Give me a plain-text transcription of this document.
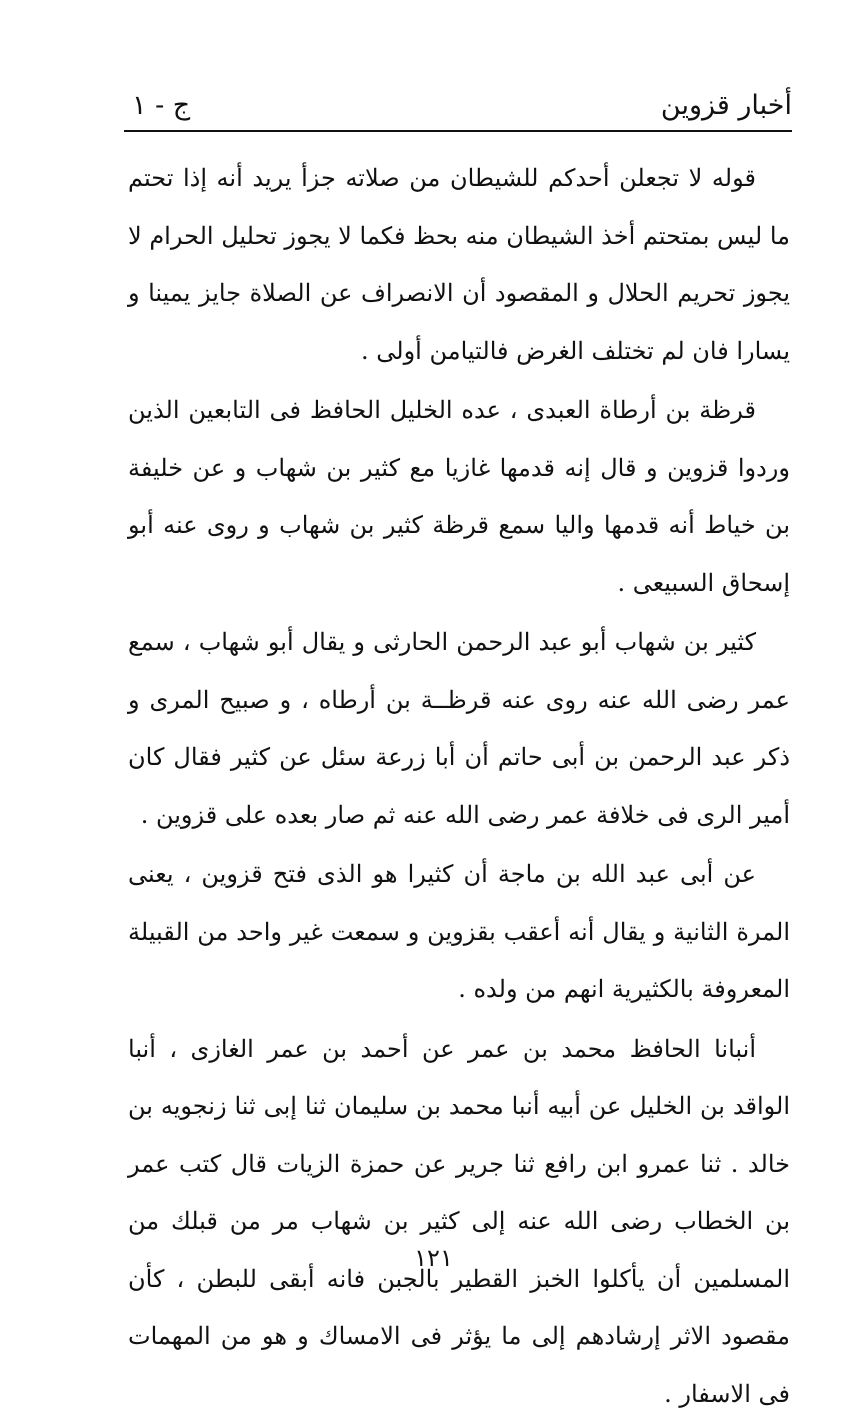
أخبار قزوين
ج - ١

قوله لا تجعلن أحدكم للشيطان من صلاته جزأ يريد أنه إذا تحتم ما ليس بمتحتم أخذ الشيطان منه بحظ فكما لا يجوز تحليل الحرام لا يجوز تحريم الحلال و المقصود أن الانصراف عن الصلاة جايز يمينا و يسارا فان لم تختلف الغرض فالتيامن أولى .

قرظة بن أرطاة العبدى ، عده الخليل الحافظ فى التابعين الذين وردوا قزوين و قال إنه قدمها غازيا مع كثير بن شهاب و عن خليفة بن خياط أنه قدمها واليا سمع قرظة كثير بن شهاب و روى عنه أبو إسحاق السبيعى .

كثير بن شهاب أبو عبد الرحمن الحارثى و يقال أبو شهاب ، سمع عمر رضى الله عنه روى عنه قرظــة بن أرطاه ، و صبيح المرى و ذكر عبد الرحمن بن أبى حاتم أن أبا زرعة سئل عن كثير فقال كان أمير الرى فى خلافة عمر رضى الله عنه ثم صار بعده على قزوين .

عن أبى عبد الله بن ماجة أن كثيرا هو الذى فتح قزوين ، يعنى المرة الثانية و يقال أنه أعقب بقزوين و سمعت غير واحد من القبيلة المعروفة بالكثيرية انهم من ولده .

أنبانا الحافظ محمد بن عمر عن أحمد بن عمر الغازى ، أنبا الواقد بن الخليل عن أبيه أنبا محمد بن سليمان ثنا إبى ثنا زنجويه بن خالد . ثنا عمرو ابن رافع ثنا جرير عن حمزة الزيات قال كتب عمر بن الخطاب رضى الله عنه إلى كثير بن شهاب مر من قبلك من المسلمين أن يأكلوا الخبز القطير بالجبن فانه أبقى للبطن ، كأن مقصود الاثر إرشادهم إلى ما يؤثر فى الامساك و هو من المهمات فى الاسفار .

١٢١
